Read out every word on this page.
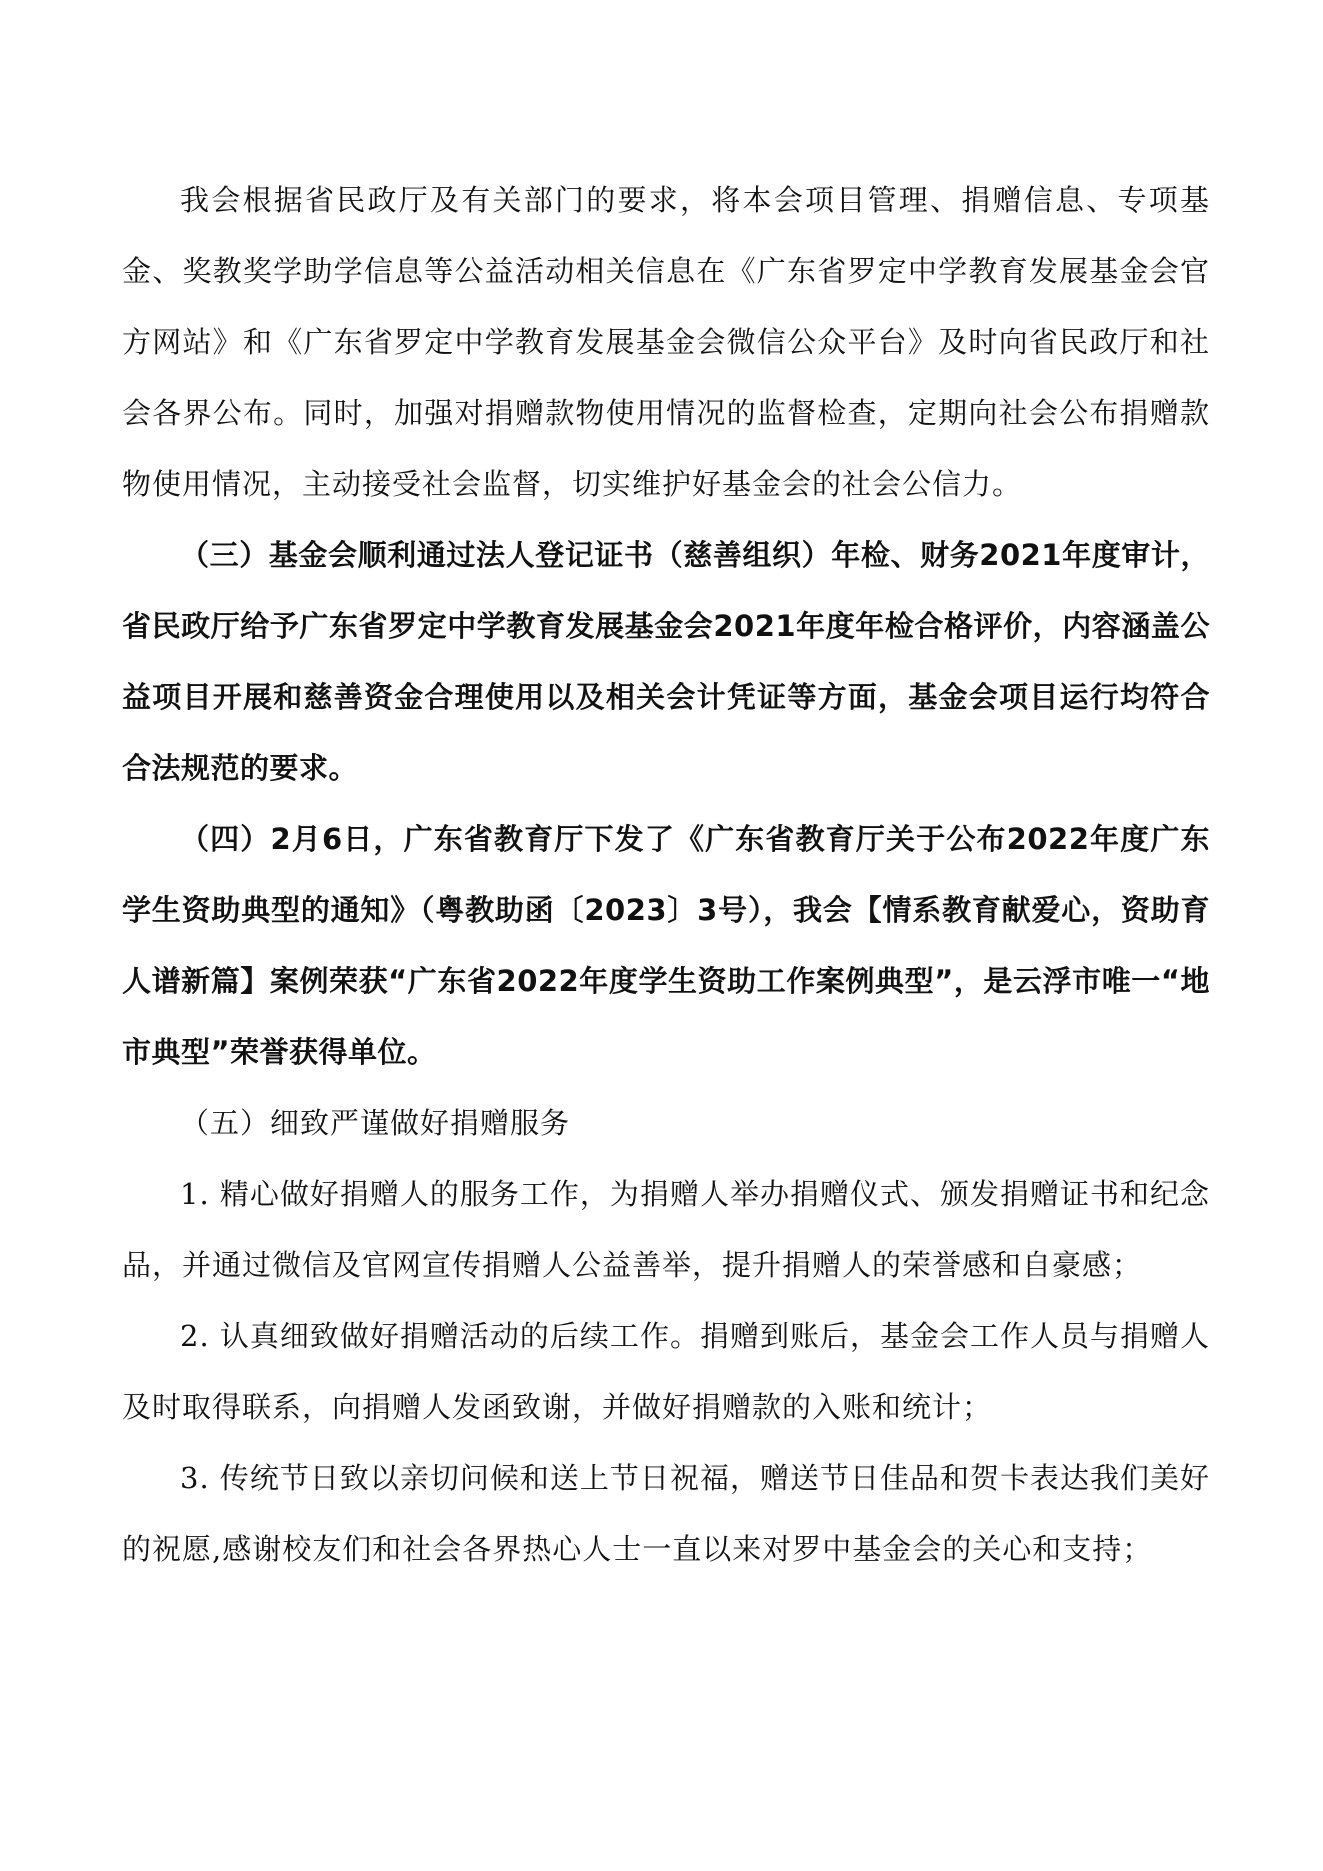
我会根据省民政厅及有关部门的要求，将本会项目管理、捐赠信息、专项基金、奖教奖学助学信息等公益活动相关信息在《广东省罗定中学教育发展基金会官方网站》和《广东省罗定中学教育发展基金会微信公众平台》及时向省民政厅和社会各界公布。同时，加强对捐赠款物使用情况的监督检查，定期向社会公布捐赠款物使用情况，主动接受社会监督，切实维护好基金会的社会公信力。

（三）基金会顺利通过法人登记证书（慈善组织）年检、财务2021年度审计，省民政厅给予广东省罗定中学教育发展基金会2021年度年检合格评价，内容涵盖公益项目开展和慈善资金合理使用以及相关会计凭证等方面，基金会项目运行均符合合法规范的要求。

（四）2月6日，广东省教育厅下发了《广东省教育厅关于公布2022年度广东学生资助典型的通知》（粤教助函〔2023〕3号），我会【情系教育献爱心，资助育人谱新篇】案例荣获“广东省2022年度学生资助工作案例典型”，是云浮市唯一“地市典型”荣誉获得单位。

（五）细致严谨做好捐赠服务

1. 精心做好捐赠人的服务工作，为捐赠人举办捐赠仪式、颁发捐赠证书和纪念品，并通过微信及官网宣传捐赠人公益善举，提升捐赠人的荣誉感和自豪感；

2. 认真细致做好捐赠活动的后续工作。捐赠到账后，基金会工作人员与捐赠人及时取得联系，向捐赠人发函致谢，并做好捐赠款的入账和统计；

3. 传统节日致以亲切问候和送上节日祝福，赠送节日佳品和贺卡表达我们美好的祝愿,感谢校友们和社会各界热心人士一直以来对罗中基金会的关心和支持；
